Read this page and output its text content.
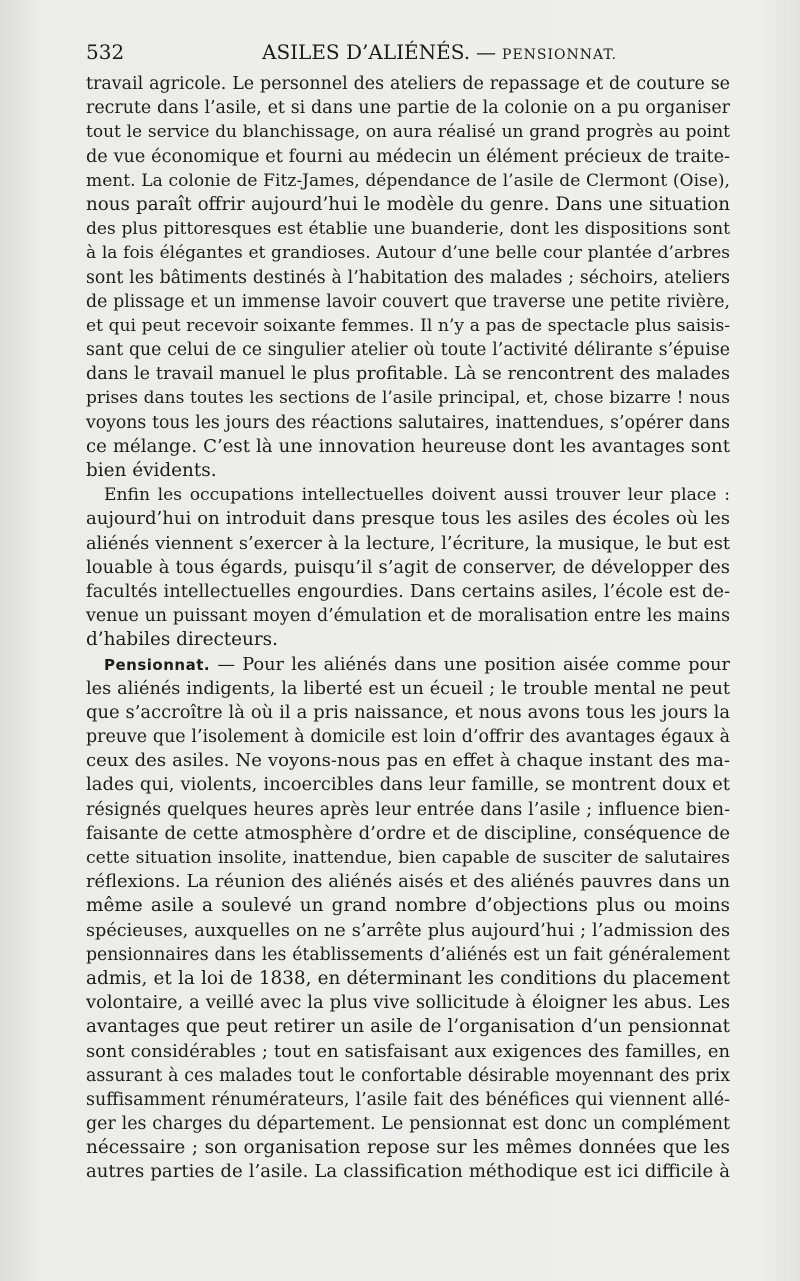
532	ASILES D’ALIÉNÉS. — PENSIONNAT.
travail agricole. Le personnel des ateliers de repassage et de couture se
recrute dans l’asile, et si dans une partie de la colonie on a pu organiser
tout le service du blanchissage, on aura réalisé un grand progrès au point
de vue économique et fourni au médecin un élément précieux de traite-
ment. La colonie de Fitz-James, dépendance de l’asile de Clermont (Oise),
nous paraît offrir aujourd’hui le modèle du genre. Dans une situation
des plus pittoresques est établie une buanderie, dont les dispositions sont
à la fois élégantes et grandioses. Autour d’une belle cour plantée d’arbres
sont les bâtiments destinés à l’habitation des malades ; séchoirs, ateliers
de plissage et un immense lavoir couvert que traverse une petite rivière,
et qui peut recevoir soixante femmes. Il n’y a pas de spectacle plus saisis-
sant que celui de ce singulier atelier où toute l’activité délirante s’épuise
dans le travail manuel le plus profitable. Là se rencontrent des malades
prises dans toutes les sections de l’asile principal, et, chose bizarre ! nous
voyons tous les jours des réactions salutaires, inattendues, s’opérer dans
ce mélange. C’est là une innovation heureuse dont les avantages sont
bien évidents.
Enfin les occupations intellectuelles doivent aussi trouver leur place :
aujourd’hui on introduit dans presque tous les asiles des écoles où les
aliénés viennent s’exercer à la lecture, l’écriture, la musique, le but est
louable à tous égards, puisqu’il s’agit de conserver, de développer des
facultés intellectuelles engourdies. Dans certains asiles, l’école est de-
venue un puissant moyen d’émulation et de moralisation entre les mains
d’habiles directeurs.
Pensionnat. — Pour les aliénés dans une position aisée comme pour
les aliénés indigents, la liberté est un écueil ; le trouble mental ne peut
que s’accroître là où il a pris naissance, et nous avons tous les jours la
preuve que l’isolement à domicile est loin d’offrir des avantages égaux à
ceux des asiles. Ne voyons-nous pas en effet à chaque instant des ma-
lades qui, violents, incoercibles dans leur famille, se montrent doux et
résignés quelques heures après leur entrée dans l’asile ; influence bien-
faisante de cette atmosphère d’ordre et de discipline, conséquence de
cette situation insolite, inattendue, bien capable de susciter de salutaires
réflexions. La réunion des aliénés aisés et des aliénés pauvres dans un
même asile a soulevé un grand nombre d’objections plus ou moins
spécieuses, auxquelles on ne s’arrête plus aujourd’hui ; l’admission des
pensionnaires dans les établissements d’aliénés est un fait généralement
admis, et la loi de 1838, en déterminant les conditions du placement
volontaire, a veillé avec la plus vive sollicitude à éloigner les abus. Les
avantages que peut retirer un asile de l’organisation d’un pensionnat
sont considérables ; tout en satisfaisant aux exigences des familles, en
assurant à ces malades tout le confortable désirable moyennant des prix
suffisamment rénumérateurs, l’asile fait des bénéfices qui viennent allé-
ger les charges du département. Le pensionnat est donc un complément
nécessaire ; son organisation repose sur les mêmes données que les
autres parties de l’asile. La classification méthodique est ici difficile à
